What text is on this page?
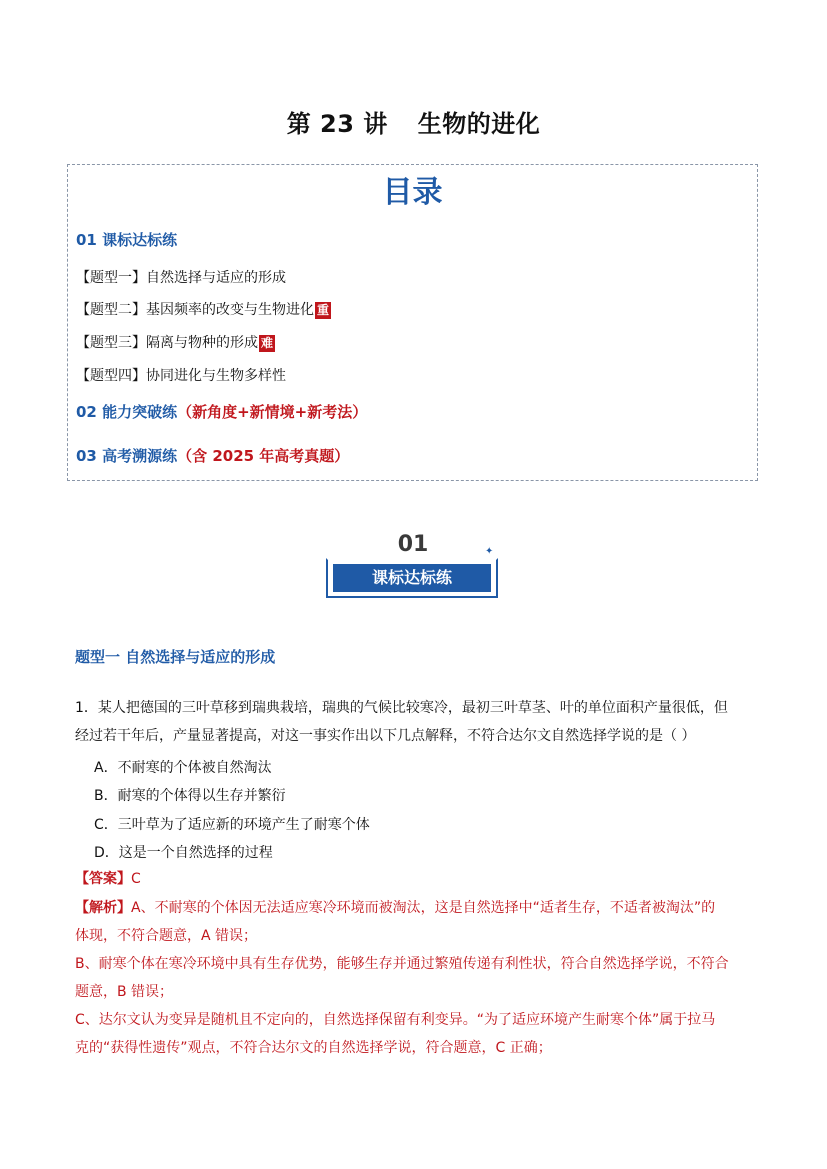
第 23 讲 生物的进化
目录
01 课标达标练
【题型一】自然选择与适应的形成
【题型二】基因频率的改变与生物进化 重
【题型三】隔离与物种的形成 难
【题型四】协同进化与生物多样性
02 能力突破练（新角度+新情境+新考法）
03 高考溯源练（含 2025 年高考真题）
01
课标达标练
✦
题型一 自然选择与适应的形成
1．某人把德国的三叶草移到瑞典栽培，瑞典的气候比较寒冷，最初三叶草茎、叶的单位面积产量很低，但
经过若干年后，产量显著提高，对这一事实作出以下几点解释，不符合达尔文自然选择学说的是（ ）
A．不耐寒的个体被自然淘汰
B．耐寒的个体得以生存并繁衍
C．三叶草为了适应新的环境产生了耐寒个体
D．这是一个自然选择的过程
【答案】C
【解析】A、不耐寒的个体因无法适应寒冷环境而被淘汰，这是自然选择中“适者生存，不适者被淘汰”的
体现，不符合题意，A 错误；
B、耐寒个体在寒冷环境中具有生存优势，能够生存并通过繁殖传递有利性状，符合自然选择学说，不符合
题意，B 错误；
C、达尔文认为变异是随机且不定向的，自然选择保留有利变异。“为了适应环境产生耐寒个体”属于拉马
克的“获得性遗传”观点，不符合达尔文的自然选择学说，符合题意，C 正确；
